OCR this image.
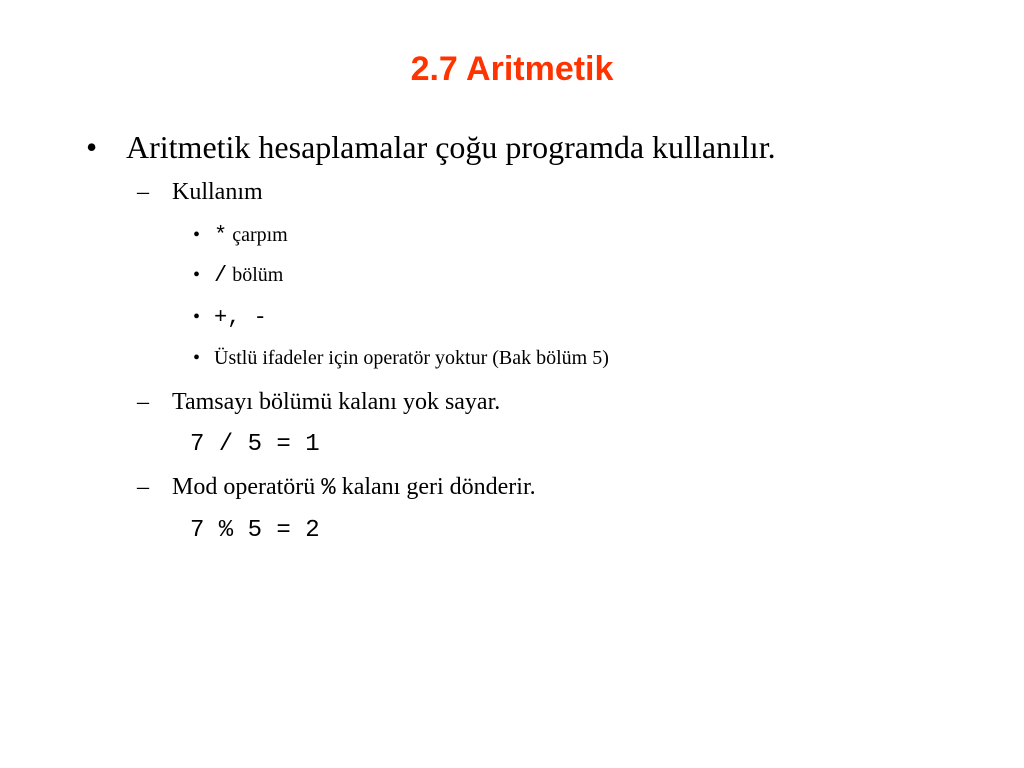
2.7 Aritmetik
• Aritmetik hesaplamalar çoğu programda kullanılır.
– Kullanım
• * çarpım
• / bölüm
• +, -
• Üstlü ifadeler için operatör yoktur (Bak bölüm 5)
– Tamsayı bölümü kalanı yok sayar.
7 / 5 = 1
– Mod operatörü % kalanı geri dönderir.
7 % 5 = 2
